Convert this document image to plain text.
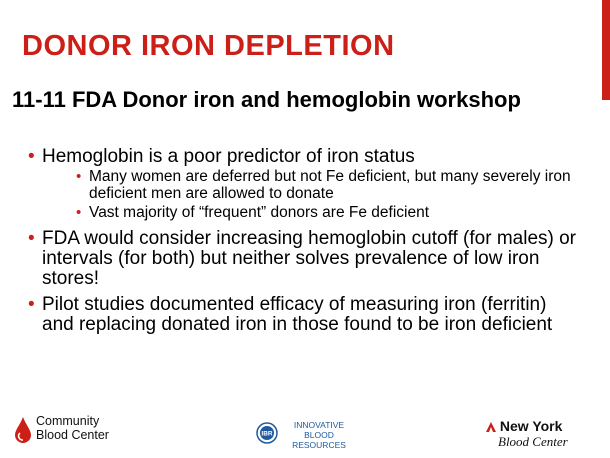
DONOR IRON DEPLETION
11-11 FDA Donor iron and hemoglobin workshop
• Hemoglobin is a poor predictor of iron status
• Many women are deferred but not Fe deficient, but many severely iron deficient men are allowed to donate
• Vast majority of “frequent” donors are Fe deficient
• FDA would consider increasing hemoglobin cutoff (for males) or intervals (for both) but neither solves prevalence of low iron stores!
• Pilot studies documented efficacy of measuring iron (ferritin) and replacing donated iron in those found to be iron deficient
Community
Blood Center	IBR
INNOVATIVE
BLOOD
RESOURCES
New York
Blood Center
